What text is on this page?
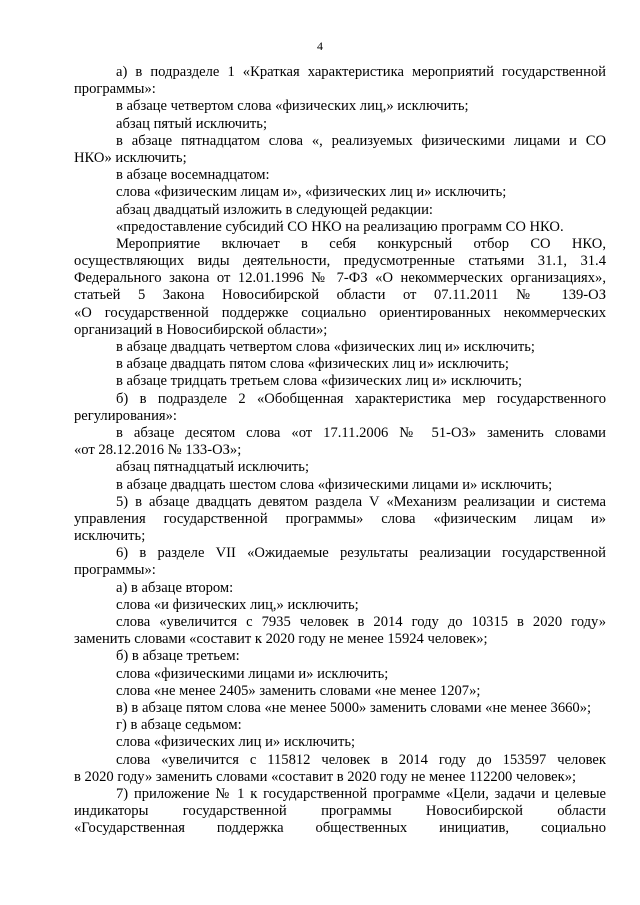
4
а) в подразделе 1 «Краткая характеристика мероприятий государственной
программы»:
в абзаце четвертом слова «физических лиц,» исключить;
абзац пятый исключить;
в абзаце пятнадцатом слова «, реализуемых физическими лицами и СО
НКО» исключить;
в абзаце восемнадцатом:
слова «физическим лицам и», «физических лиц и» исключить;
абзац двадцатый изложить в следующей редакции:
«предоставление субсидий СО НКО на реализацию программ СО НКО.
Мероприятие включает в себя конкурсный отбор СО НКО,
осуществляющих виды деятельности, предусмотренные статьями 31.1, 31.4
Федерального закона от 12.01.1996 № 7-ФЗ «О некоммерческих организациях»,
статьей 5 Закона Новосибирской области от 07.11.2011 № 139-ОЗ
«О государственной поддержке социально ориентированных некоммерческих
организаций в Новосибирской области»;
в абзаце двадцать четвертом слова «физических лиц и» исключить;
в абзаце двадцать пятом слова «физических лиц и» исключить;
в абзаце тридцать третьем слова «физических лиц и» исключить;
б) в подразделе 2 «Обобщенная характеристика мер государственного
регулирования»:
в абзаце десятом слова «от 17.11.2006 № 51-ОЗ» заменить словами
«от 28.12.2016 № 133-ОЗ»;
абзац пятнадцатый исключить;
в абзаце двадцать шестом слова «физическими лицами и» исключить;
5) в абзаце двадцать девятом раздела V «Механизм реализации и система
управления государственной программы» слова «физическим лицам и»
исключить;
6) в разделе VII «Ожидаемые результаты реализации государственной
программы»:
а) в абзаце втором:
слова «и физических лиц,» исключить;
слова «увеличится с 7935 человек в 2014 году до 10315 в 2020 году»
заменить словами «составит к 2020 году не менее 15924 человек»;
б) в абзаце третьем:
слова «физическими лицами и» исключить;
слова «не менее 2405» заменить словами «не менее 1207»;
в) в абзаце пятом слова «не менее 5000» заменить словами «не менее 3660»;
г) в абзаце седьмом:
слова «физических лиц и» исключить;
слова «увеличится с 115812 человек в 2014 году до 153597 человек
в 2020 году» заменить словами «составит в 2020 году не менее 112200 человек»;
7) приложение № 1 к государственной программе «Цели, задачи и целевые
индикаторы государственной программы Новосибирской области
«Государственная поддержка общественных инициатив, социально
